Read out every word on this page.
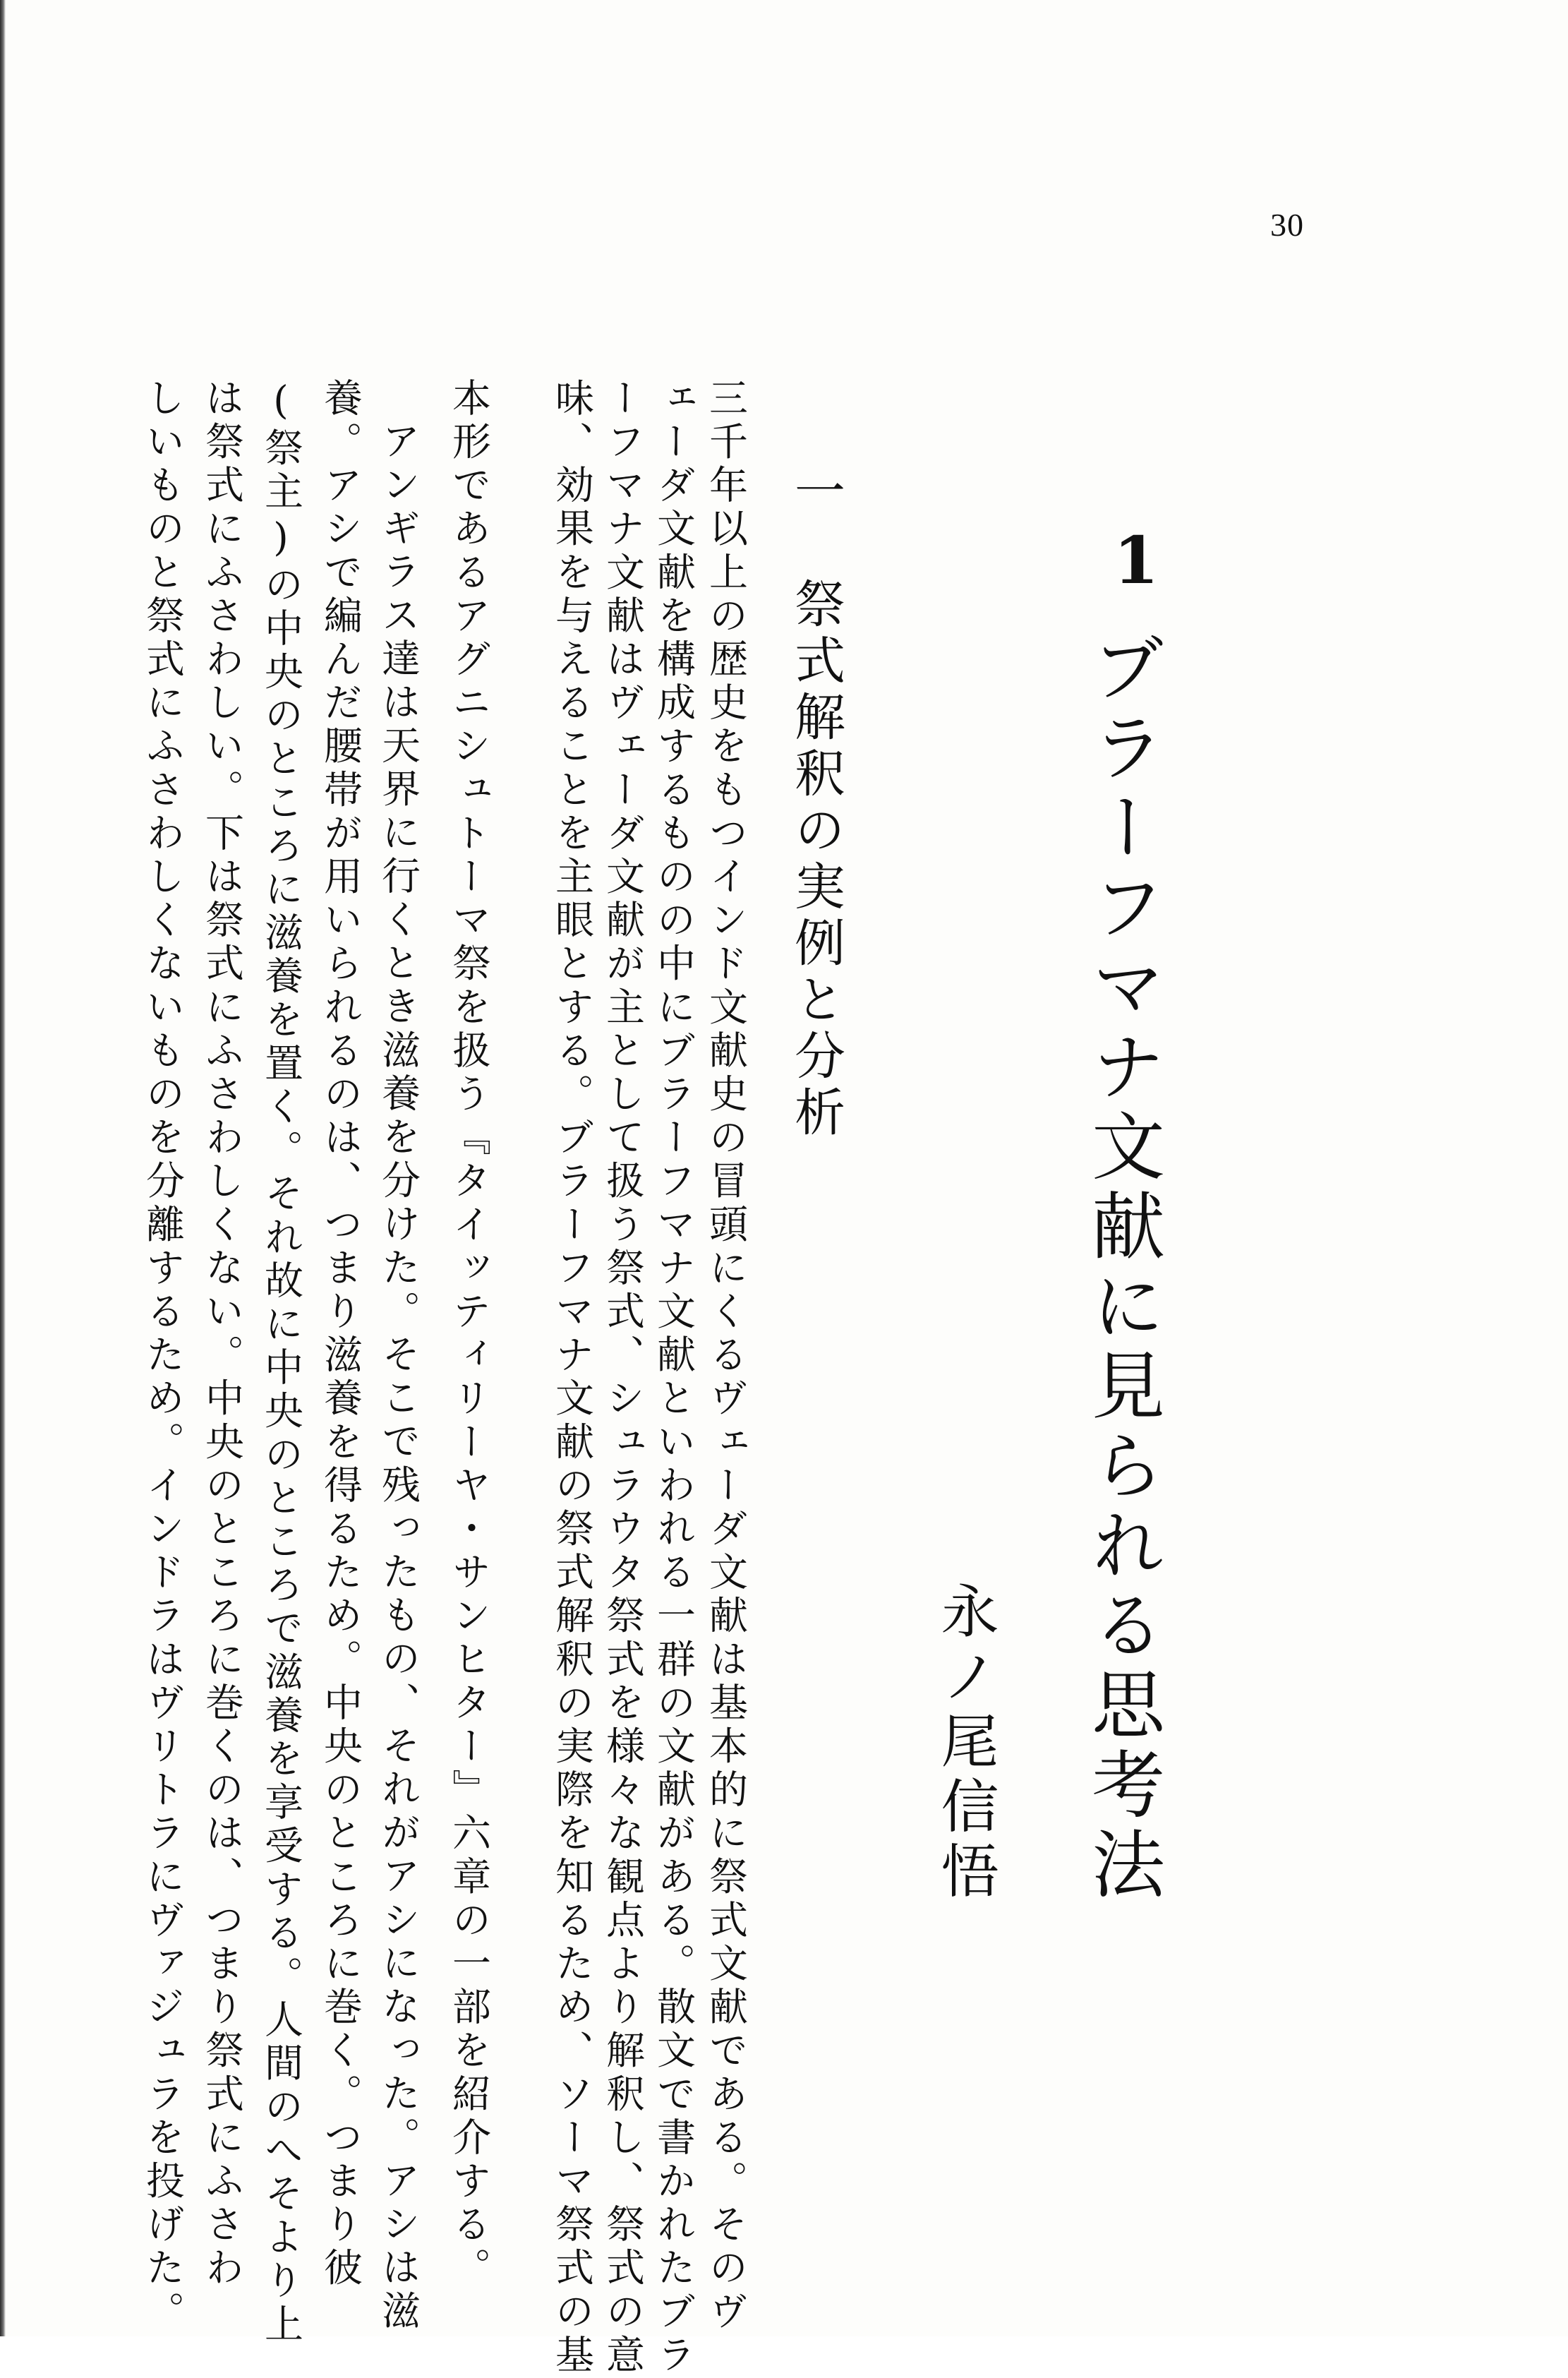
30
1
ブラーフマナ文献に見られる思考法
永ノ尾信悟
一　祭式解釈の実例と分析
三千年以上の歴史をもつインド文献史の冒頭にくるヴェーダ文献は基本的に祭式文献である。そのヴ
ェーダ文献を構成するものの中にブラーフマナ文献といわれる一群の文献がある。散文で書かれたブラ
ーフマナ文献はヴェーダ文献が主として扱う祭式、シュラウタ祭式を様々な観点より解釈し、祭式の意
味、効果を与えることを主眼とする。ブラーフマナ文献の祭式解釈の実際を知るため、ソーマ祭式の基
本形であるアグニシュトーマ祭を扱う『タイッティリーヤ・サンヒター』六章の一部を紹介する。
アンギラス達は天界に行くとき滋養を分けた。そこで残ったもの、それがアシになった。アシは滋
養。アシで編んだ腰帯が用いられるのは、つまり滋養を得るため。中央のところに巻く。つまり彼
(祭主)の中央のところに滋養を置く。それ故に中央のところで滋養を享受する。人間のへそより上
は祭式にふさわしい。下は祭式にふさわしくない。中央のところに巻くのは、つまり祭式にふさわ
しいものと祭式にふさわしくないものを分離するため。インドラはヴリトラにヴァジュラを投げた。
